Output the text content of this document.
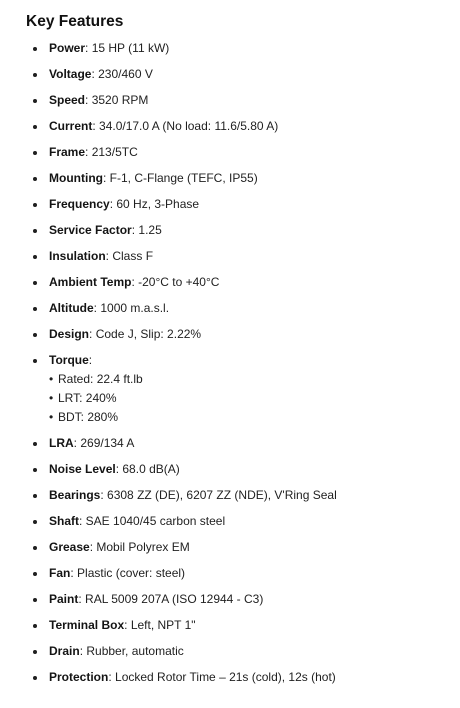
Key Features
Power: 15 HP (11 kW)
Voltage: 230/460 V
Speed: 3520 RPM
Current: 34.0/17.0 A (No load: 11.6/5.80 A)
Frame: 213/5TC
Mounting: F-1, C-Flange (TEFC, IP55)
Frequency: 60 Hz, 3-Phase
Service Factor: 1.25
Insulation: Class F
Ambient Temp: -20°C to +40°C
Altitude: 1000 m.a.s.l.
Design: Code J, Slip: 2.22%
Torque:
• Rated: 22.4 ft.lb
• LRT: 240%
• BDT: 280%
LRA: 269/134 A
Noise Level: 68.0 dB(A)
Bearings: 6308 ZZ (DE), 6207 ZZ (NDE), V'Ring Seal
Shaft: SAE 1040/45 carbon steel
Grease: Mobil Polyrex EM
Fan: Plastic (cover: steel)
Paint: RAL 5009 207A (ISO 12944 - C3)
Terminal Box: Left, NPT 1"
Drain: Rubber, automatic
Protection: Locked Rotor Time – 21s (cold), 12s (hot)
